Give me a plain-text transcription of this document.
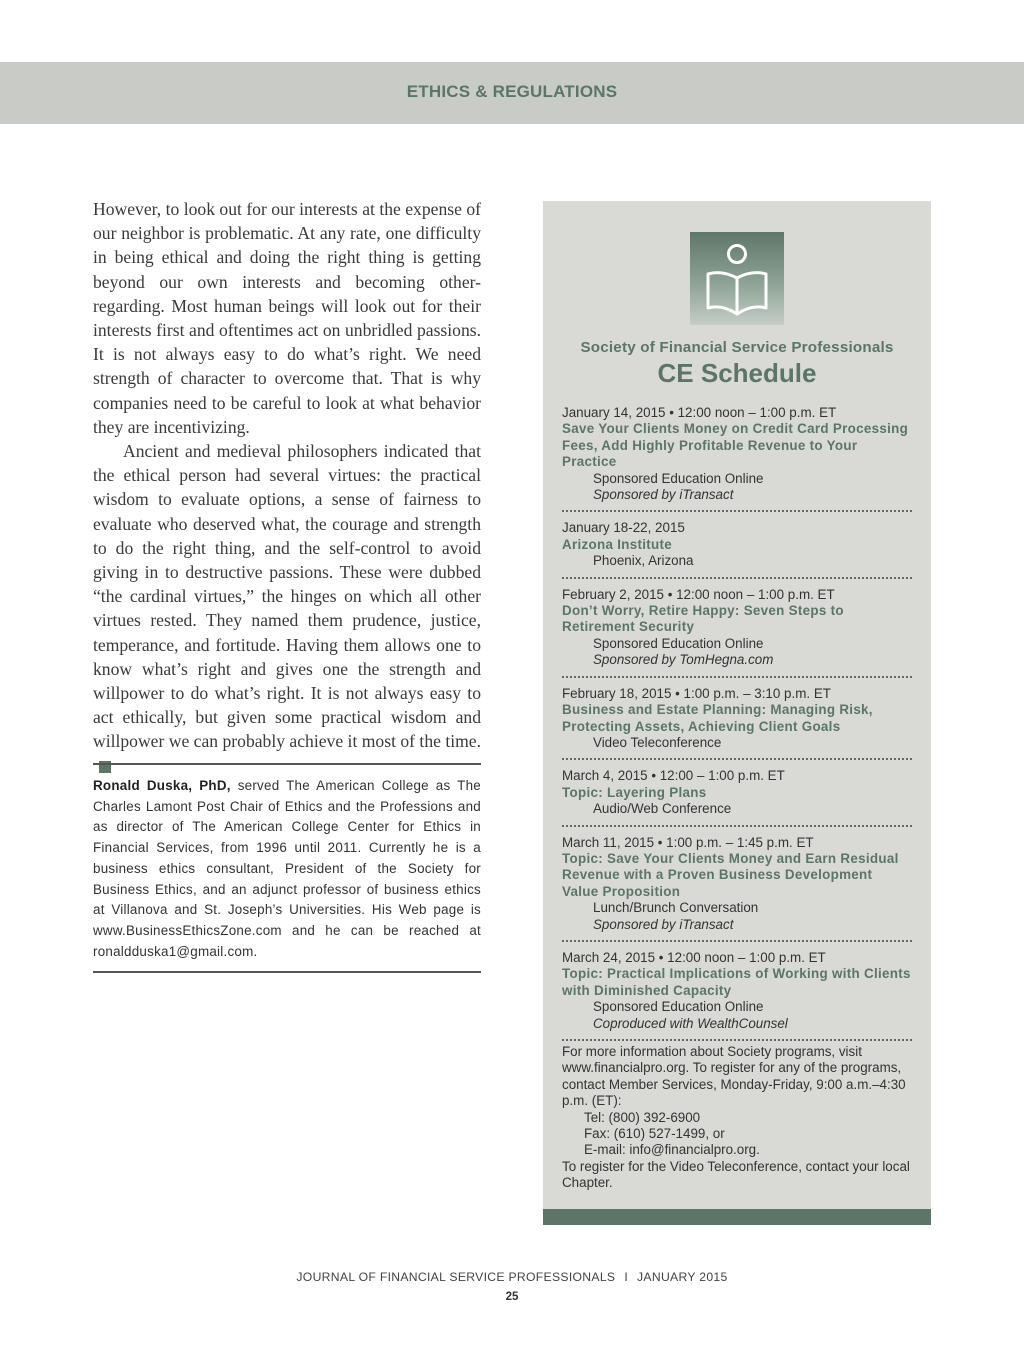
ETHICS & REGULATIONS

However, to look out for our interests at the expense of our neighbor is problematic. At any rate, one difficulty in being ethical and doing the right thing is getting beyond our own interests and becoming other-regarding. Most human beings will look out for their interests first and oftentimes act on unbridled passions. It is not always easy to do what’s right. We need strength of character to overcome that. That is why companies need to be careful to look at what behavior they are incentivizing.

Ancient and medieval philosophers indicated that the ethical person had several virtues: the practical wisdom to evaluate options, a sense of fairness to evaluate who deserved what, the courage and strength to do the right thing, and the self-control to avoid giving in to destructive passions. These were dubbed “the cardinal virtues,” the hinges on which all other virtues rested. They named them prudence, justice, temperance, and fortitude. Having them allows one to know what’s right and gives one the strength and willpower to do what’s right. It is not always easy to act ethically, but given some practical wisdom and willpower we can probably achieve it most of the time.

Ronald Duska, PhD, served The American College as The Charles Lamont Post Chair of Ethics and the Professions and as director of The American College Center for Ethics in Financial Services, from 1996 until 2011. Currently he is a business ethics consultant, President of the Society for Business Ethics, and an adjunct professor of business ethics at Villanova and St. Joseph’s Universities. His Web page is www.BusinessEthicsZone.com and he can be reached at ronaldduska1@gmail.com.
Society of Financial Service Professionals
CE Schedule
January 14, 2015 • 12:00 noon – 1:00 p.m. ET
Save Your Clients Money on Credit Card Processing Fees, Add Highly Profitable Revenue to Your Practice
Sponsored Education Online
Sponsored by iTransact
January 18-22, 2015
Arizona Institute
Phoenix, Arizona
February 2, 2015 • 12:00 noon – 1:00 p.m. ET
Don’t Worry, Retire Happy: Seven Steps to Retirement Security
Sponsored Education Online
Sponsored by TomHegna.com
February 18, 2015 • 1:00 p.m. – 3:10 p.m. ET
Business and Estate Planning: Managing Risk, Protecting Assets, Achieving Client Goals
Video Teleconference
March 4, 2015 • 12:00 – 1:00 p.m. ET
Topic: Layering Plans
Audio/Web Conference
March 11, 2015 • 1:00 p.m. – 1:45 p.m. ET
Topic: Save Your Clients Money and Earn Residual Revenue with a Proven Business Development Value Proposition
Lunch/Brunch Conversation
Sponsored by iTransact
March 24, 2015 • 12:00 noon – 1:00 p.m. ET
Topic: Practical Implications of Working with Clients with Diminished Capacity
Sponsored Education Online
Coproduced with WealthCounsel
For more information about Society programs, visit www.financialpro.org. To register for any of the programs, contact Member Services, Monday-Friday, 9:00 a.m.–4:30 p.m. (ET):
Tel: (800) 392-6900
Fax: (610) 527-1499, or
E-mail: info@financialpro.org.
To register for the Video Teleconference, contact your local Chapter.
JOURNAL OF FINANCIAL SERVICE PROFESSIONALS I JANUARY 2015
25
